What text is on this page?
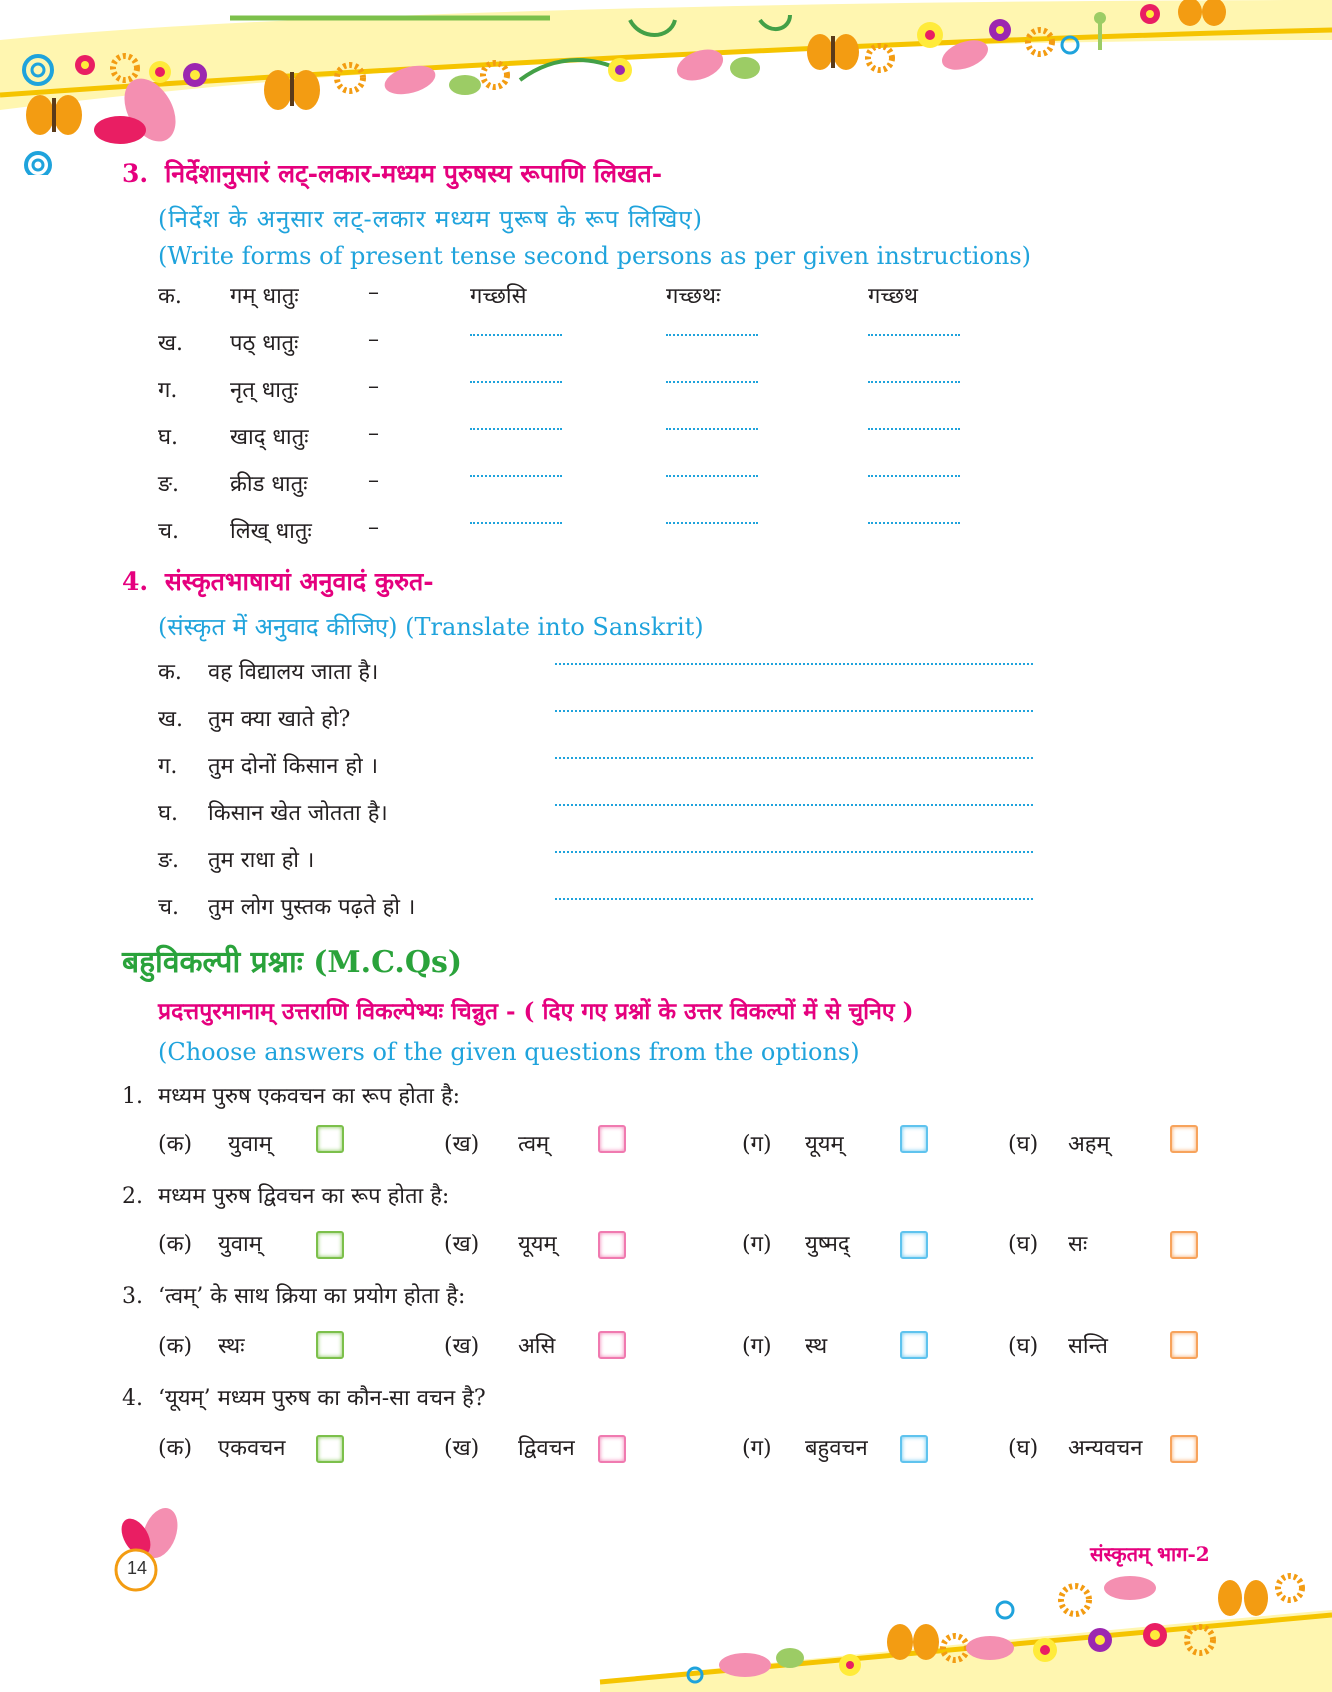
3. निर्देशानुसारं लट्-लकार-मध्यम पुरुषस्य रूपाणि लिखत-
(निर्देश के अनुसार लट्-लकार मध्यम पुरूष के रूप लिखिए)
(Write forms of present tense second persons as per given instructions)
क. गम् धातुः	–	गच्छसि	गच्छथः	गच्छथ
ख. पठ् धातुः	–
ग. नृत् धातुः	–
घ. खाद् धातुः	–
ङ. क्रीड धातुः	–
च. लिख् धातुः	–
4. संस्कृतभाषायां अनुवादं कुरुत-
(संस्कृत में अनुवाद कीजिए) (Translate into Sanskrit)
क. वह विद्यालय जाता है।
ख. तुम क्या खाते हो?
ग. तुम दोनों किसान हो ।
घ. किसान खेत जोतता है।
ङ. तुम राधा हो ।
च. तुम लोग पुस्तक पढ़ते हो ।
बहुविकल्पी प्रश्नाः (M.C.Qs)
प्रदत्तपुरमानाम् उत्तराणि विकल्पेभ्यः चिन्नुत - ( दिए गए प्रश्नों के उत्तर विकल्पों में से चुनिए )
(Choose answers of the given questions from the options)
1. मध्यम पुरुष एकवचन का रूप होता है:
(क) युवाम्	(ख) त्वम्	(ग) यूयम्	(घ) अहम्
2. मध्यम पुरुष द्विवचन का रूप होता है:
(क) युवाम्	(ख) यूयम्	(ग) युष्मद्	(घ) सः
3. ‘त्वम्’ के साथ क्रिया का प्रयोग होता है:
(क) स्थः	(ख) असि	(ग) स्थ	(घ) सन्ति
4. ‘यूयम्’ मध्यम पुरुष का कौन-सा वचन है?
(क) एकवचन	(ख) द्विवचन	(ग) बहुवचन	(घ) अन्यवचन
14
संस्कृतम् भाग-2
